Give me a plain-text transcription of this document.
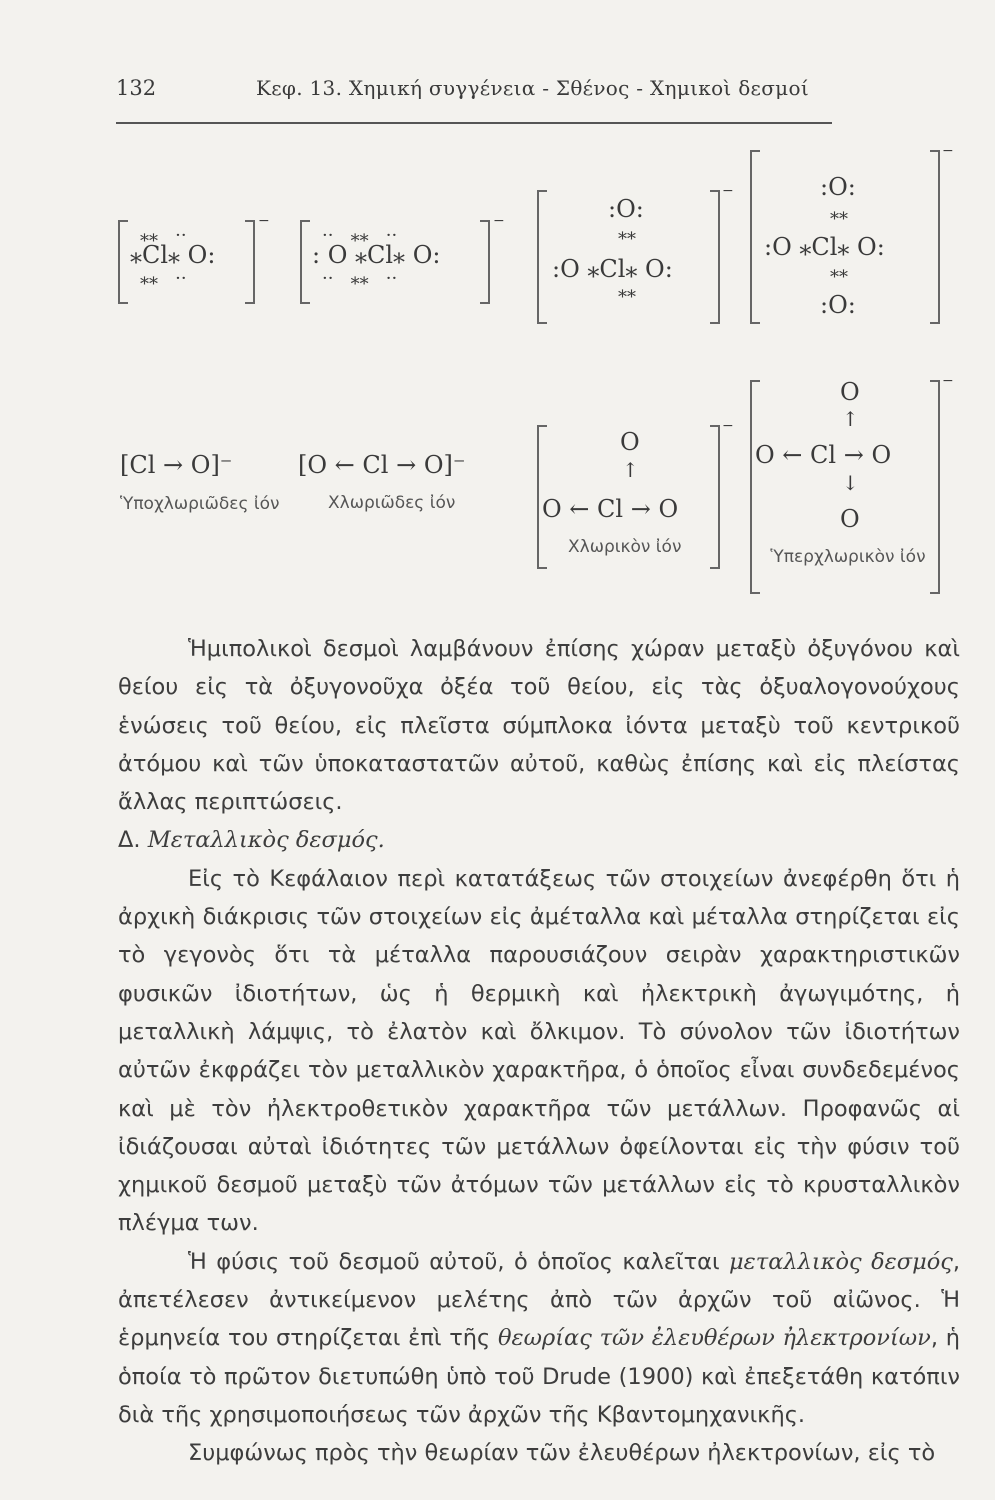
132	Κεφ. 13. Χημική συγγένεια - Σθένος - Χημικοὶ δεσμοί
⁎Cl⁎ O:
⁎⁎   ··
⁎⁎   ··
−
: O ⁎Cl⁎ O:
··   ⁎⁎   ··
··   ⁎⁎   ··
−	:O:
:O ⁎Cl⁎ O:
⁎⁎
⁎⁎
−	:O:
:O ⁎Cl⁎ O:
:O:
⁎⁎
⁎⁎
−
[Cl → O]⁻
Ὑποχλωριῶδες ἰόν
[O ← Cl → O]⁻
Χλωριῶδες ἰόν
O
↑
O ← Cl → O
Χλωρικὸν ἰόν
−
O
↑
O ← Cl → O
↓
O
Ὑπερχλωρικὸν ἰόν
−

Ἡμιπολικοὶ δεσμοὶ λαμβάνουν ἐπίσης χώραν μεταξὺ ὀξυγόνου καὶ θείου εἰς τὰ ὀξυγονοῦχα ὀξέα τοῦ θείου, εἰς τὰς ὀξυαλογονούχους ἑνώσεις τοῦ θείου, εἰς πλεῖστα σύμπλοκα ἰόντα μεταξὺ τοῦ κεντρικοῦ ἀτόμου καὶ τῶν ὑποκαταστατῶν αὐτοῦ, καθὼς ἐπίσης καὶ εἰς πλείστας ἄλλας περιπτώσεις.

Δ. Μεταλλικὸς δεσμός.

Εἰς τὸ Κεφάλαιον περὶ κατατάξεως τῶν στοιχείων ἀνεφέρθη ὅτι ἡ ἀρχικὴ διάκρισις τῶν στοιχείων εἰς ἀμέταλλα καὶ μέταλλα στηρίζεται εἰς τὸ γεγονὸς ὅτι τὰ μέταλλα παρουσιάζουν σειρὰν χαρακτηριστικῶν φυσικῶν ἰδιοτήτων, ὡς ἡ θερμικὴ καὶ ἠλεκτρικὴ ἀγωγιμότης, ἡ μεταλλικὴ λάμψις, τὸ ἐλατὸν καὶ ὄλκιμον. Τὸ σύνολον τῶν ἰδιοτήτων αὐτῶν ἐκφράζει τὸν μεταλλικὸν χαρακτῆρα, ὁ ὁποῖος εἶναι συνδεδεμένος καὶ μὲ τὸν ἠλεκτροθετικὸν χαρακτῆρα τῶν μετάλλων. Προφανῶς αἱ ἰδιάζουσαι αὐταὶ ἰδιότητες τῶν μετάλλων ὀφείλονται εἰς τὴν φύσιν τοῦ χημικοῦ δεσμοῦ μεταξὺ τῶν ἀτόμων τῶν μετάλλων εἰς τὸ κρυσταλλικὸν πλέγμα των.

Ἡ φύσις τοῦ δεσμοῦ αὐτοῦ, ὁ ὁποῖος καλεῖται μεταλλικὸς δεσμός, ἀπετέλεσεν ἀντικείμενον μελέτης ἀπὸ τῶν ἀρχῶν τοῦ αἰῶνος. Ἡ ἑρμηνεία του στηρίζεται ἐπὶ τῆς θεωρίας τῶν ἐλευθέρων ἠλεκτρονίων, ἡ ὁποία τὸ πρῶτον διετυπώθη ὑπὸ τοῦ Drude (1900) καὶ ἐπεξετάθη κατόπιν διὰ τῆς χρησιμοποιήσεως τῶν ἀρχῶν τῆς Κβαντομηχανικῆς.

Συμφώνως πρὸς τὴν θεωρίαν τῶν ἐλευθέρων ἠλεκτρονίων, εἰς τὸ
